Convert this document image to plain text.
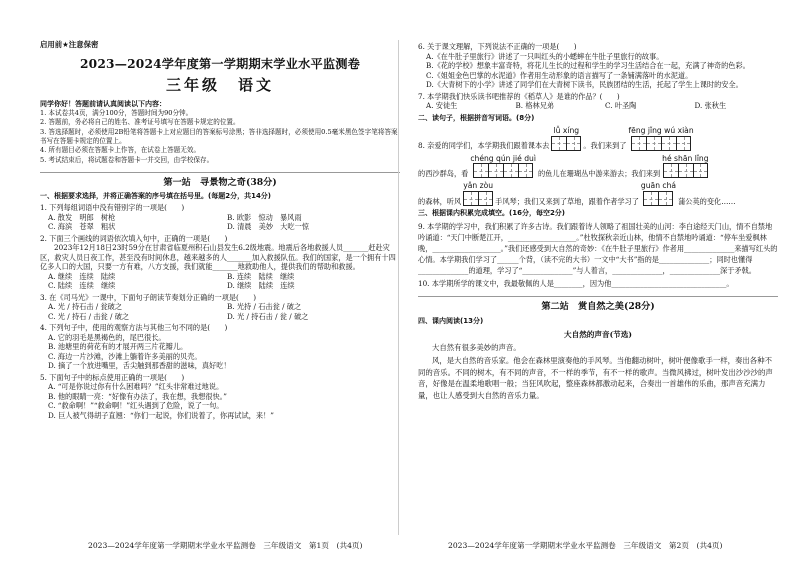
启用前★注意保密
2023—2024学年度第一学期期末学业水平监测卷
三年级 语文
同学你好！答题前请认真阅读以下内容：

1. 本试卷共4页，满分100分，答题时间为90分钟。

2. 答题前，务必将自己的姓名、准考证号填写在答题卡规定的位置。

3. 答选择题时，必须使用2B铅笔将答题卡上对应题目的答案标号涂黑；答非选择题时，必须使用0.5毫米黑色签字笔将答案书写在答题卡规定的位置上。

4. 所有题目必须在答题卡上作答，在试卷上答题无效。

5. 考试结束后，将试题卷和答题卡一并交回，由学校保存。

第一站　寻景物之奇(38分)
一、根据要求选择，并将正确答案的序号填在括号里。(每题2分，共14分)
1. 下列每组词语中没有错别字的一项是(　　)
A. 散发　明郎　树枪	B. 欧影　惊动　暴风雨
C. 海滨　苍翠　粗状	D. 清晨　美妙　大吃一惊
2. 下面三个画线的词语依次填入句中，正确的一项是(　　)
2023年12月18日23时59分在甘肃省临夏州积石山县发生6.2级地震。地震后各地救援人员_______赶赴灾区，救灾人员日夜工作，甚至没有时间休息，越来越多的人_______加入救援队伍。我们的国家，是一个拥有十四亿多人口的大国，只要一方有难，八方支援，我们就能_______地救助他人，提供我们的帮助和救援。
A. 继续　连续　陆续	B. 连续　陆续　继续
C. 陆续　连续　继续	D. 继续　陆续　连续
3. 在《司马光》一课中，下面句子朗读节奏划分正确的一项是(　　)
A. 光 / 持石击 / 瓮破之	B. 光持 / 石击瓮 / 破之
C. 光 / 持石 / 击瓮 / 破之	D. 光 / 持石击 / 瓮 / 破之
4. 下列句子中，使用的观察方法与其他三句不同的是(　　)
A. 它的羽毛是黑褐色的，尾巴很长。
B. 池塘里的荷花有的才展开两三片花瓣儿。
C. 海边一片沙滩，沙滩上躺着许多美丽的贝壳。
D. 摘了一个放进嘴里，舌尖触到那香甜的滋味，真好吃！
5. 下面句子中的标点使用正确的一项是(　　)
A. “可是你说过你有什么困难吗？”红头非常难过地说。
B. 他的眼睛一亮：“好像有办法了，我在想，我想很快。”
C. “救命啊！”“救命啊！”红头遇到了危险，说了一句。
D. 巨人被气得胡子直翘：“你们一起说，你们说着了，你再试试，来！”
6. 关于课文理解，下列说法不正确的一项是(　　)
A.《在牛肚子里旅行》讲述了一只叫红头的小蟋蟀在牛肚子里旅行的故事。
B.《花的学校》想象丰富奇特，将花儿生长的过程和学生的学习生活结合在一起，充满了神奇的色彩。
C.《姐姐金色巴掌的水泥道》作者用生动形象的语言描写了一条铺满落叶的水泥道。
D.《大青树下的小学》讲述了同学们在大青树下读书，民族团结的生活，托起了学生上课时的安全。
7. 本学期我们快乐读书吧推荐的《稻草人》是谁的作品？(　　)
A. 安徒生	B. 格林兄弟	C. 叶圣陶	D. 张秋生
二、读句子，根据拼音写词语。(8分)
8. 亲爱的同学们，本学期我们跟着课本去
lǚ xíng
。我们来到了
fēng jǐng wú xiàn
的西沙群岛，看
chéng qún jié duì
的鱼儿在珊瑚丛中游来游去；我们来到
hé shān lǐng
的森林，听风
yǎn zòu
手风琴；我们又来到了草地，跟着作者学习了
guān chá
蒲公英的变化……
三、根据课内积累完成填空。(16分，每空2分)
9. 本学期的学习中，我们积累了许多古诗。我们跟着诗人领略了祖国壮美的山河：李白途经天门山，情不自禁地吟诵道：“天门中断楚江开，___________________。”杜牧探秋亲近山林，他情不自禁地吟诵道：“停车坐爱枫林晚，___________________。”我们还感受到大自然的奇妙：《在牛肚子里旅行》作者用______________来描写红头的心情。本学期我们学习了______个背，（读不完的大书）一文中“大书”指的是______________；同时也懂得______________的道理，学习了“______________”与人着言，______________，______________深于矛戟。
10. 本学期所学的课文中，我最敬佩的人是________，因为他________________________________。
第二站　赏自然之美(28分)
四、课内阅读(13分)
大自然的声音(节选)
大自然有很多美妙的声音。
风，是大自然的音乐家。他会在森林里演奏他的手风琴。当他翻动树叶，树叶便像歌手一样，奏出各种不同的音乐。不同的树木，有不同的声音，不一样的季节，有不一样的歌声。当微风拂过，树叶发出沙沙沙的声音，好像是在温柔地歌唱一般；当狂风吹起，整座森林都激动起来，合奏出一首雄伟的乐曲，那声音充满力量，也让人感受到大自然的音乐力量。
2023—2024学年度第一学期期末学业水平监测卷　三年级语文　第1页　(共4页)	2023—2024学年度第一学期期末学业水平监测卷　三年级语文　第2页　(共4页)
